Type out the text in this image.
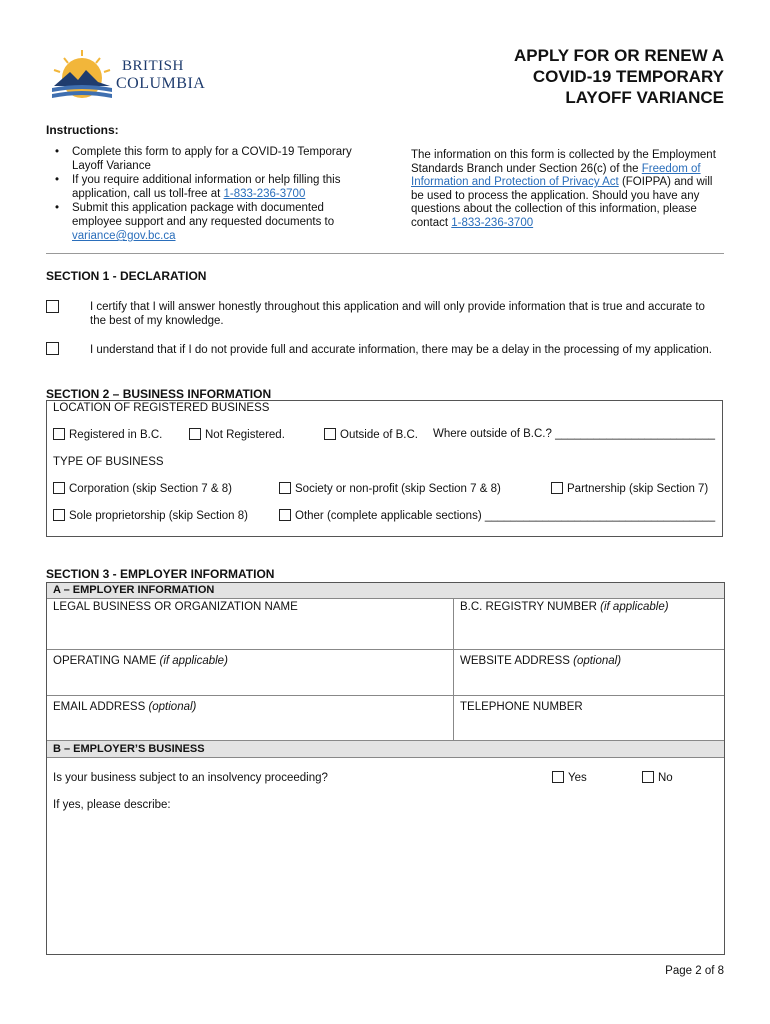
BRITISH
COLUMBIA
APPLY FOR OR RENEW A
COVID-19 TEMPORARY
LAYOFF VARIANCE
Instructions:
• Complete this form to apply for a COVID-19 Temporary Layoff Variance
• If you require additional information or help filling this application, call us toll-free at 1-833-236-3700
• Submit this application package with documented employee support and any requested documents to variance@gov.bc.ca
The information on this form is collected by the Employment Standards Branch under Section 26(c) of the Freedom of Information and Protection of Privacy Act (FOIPPA) and will be used to process the application. Should you have any questions about the collection of this information, please contact 1-833-236-3700
SECTION 1 - DECLARATION
I certify that I will answer honestly throughout this application and will only provide information that is true and accurate to the best of my knowledge.
I understand that if I do not provide full and accurate information, there may be a delay in the processing of my application.
SECTION 2 – BUSINESS INFORMATION
LOCATION OF REGISTERED BUSINESS
Registered in B.C.	Not Registered.	Outside of B.C. Where outside of B.C.? _________________________
TYPE OF BUSINESS
Corporation (skip Section 7 & 8)	Society or non-profit (skip Section 7 & 8)	Partnership (skip Section 7)
Sole proprietorship (skip Section 8)	Other (complete applicable sections) ____________________________________
SECTION 3 - EMPLOYER INFORMATION
A – EMPLOYER INFORMATION
LEGAL BUSINESS OR ORGANIZATION NAME	B.C. REGISTRY NUMBER (if applicable)
OPERATING NAME (if applicable)	WEBSITE ADDRESS (optional)
EMAIL ADDRESS (optional)	TELEPHONE NUMBER
B – EMPLOYER’S BUSINESS
Is your business subject to an insolvency proceeding?	Yes	No
If yes, please describe:
Page 2 of 8
